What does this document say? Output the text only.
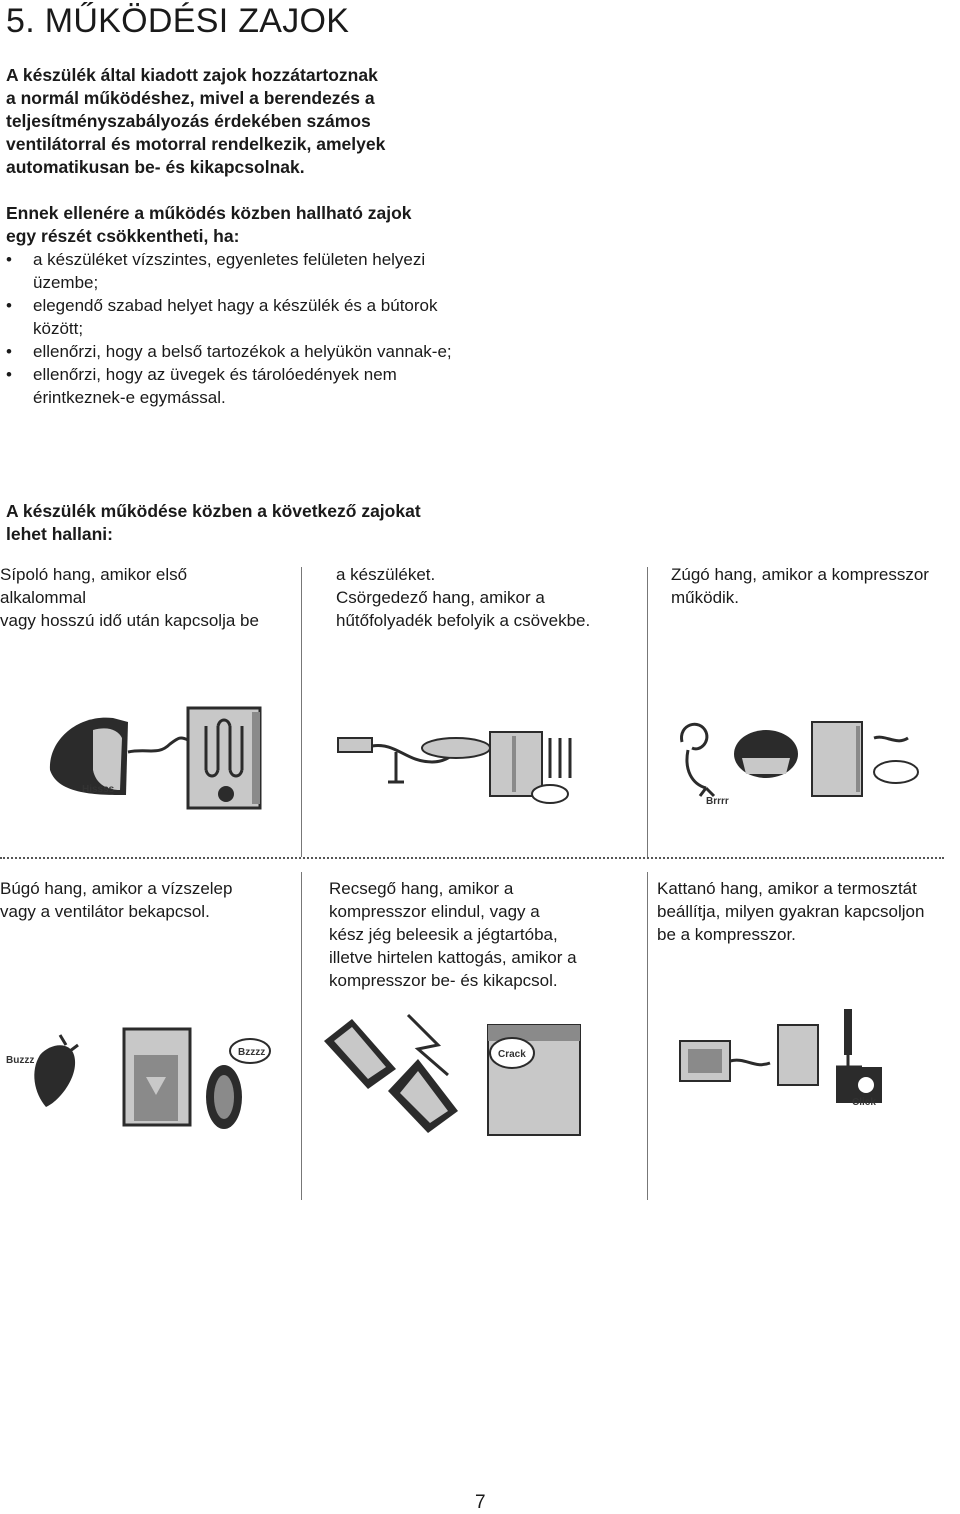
5. MŰKÖDÉSI ZAJOK
A készülék által kiadott zajok hozzátartoznak
a normál működéshez, mivel a berendezés a
teljesítményszabályozás érdekében számos
ventilátorral és motorral rendelkezik, amelyek
automatikusan be- és kikapcsolnak.
Ennek ellenére a működés közben hallható zajok
egy részét csökkentheti, ha:
• a készüléket vízszintes, egyenletes felületen helyezi üzembe;
• elegendő szabad helyet hagy a készülék és a bútorok között;
• ellenőrzi, hogy a belső tartozékok a helyükön vannak-e;
• ellenőrzi, hogy az üvegek és tárolóedények nem érintkeznek-e egymással.
A készülék működése közben a következő zajokat
lehet hallani:
Sípoló hang, amikor első
alkalommal
vagy hosszú idő után kapcsolja be
a készüléket.
Csörgedező hang, amikor a
hűtőfolyadék befolyik a csövekbe.
Zúgó hang, amikor a kompresszor
működik.
Hissss
Brrrr
Búgó hang, amikor a vízszelep
vagy a ventilátor bekapcsol.
Recsegő hang, amikor a
kompresszor elindul, vagy a
kész jég beleesik a jégtartóba,
illetve hirtelen kattogás, amikor a
kompresszor be- és kikapcsol.
Kattanó hang, amikor a termosztát
beállítja, milyen gyakran kapcsoljon
be a kompresszor.
Buzzz
Bzzzz	Crack
Click
7
